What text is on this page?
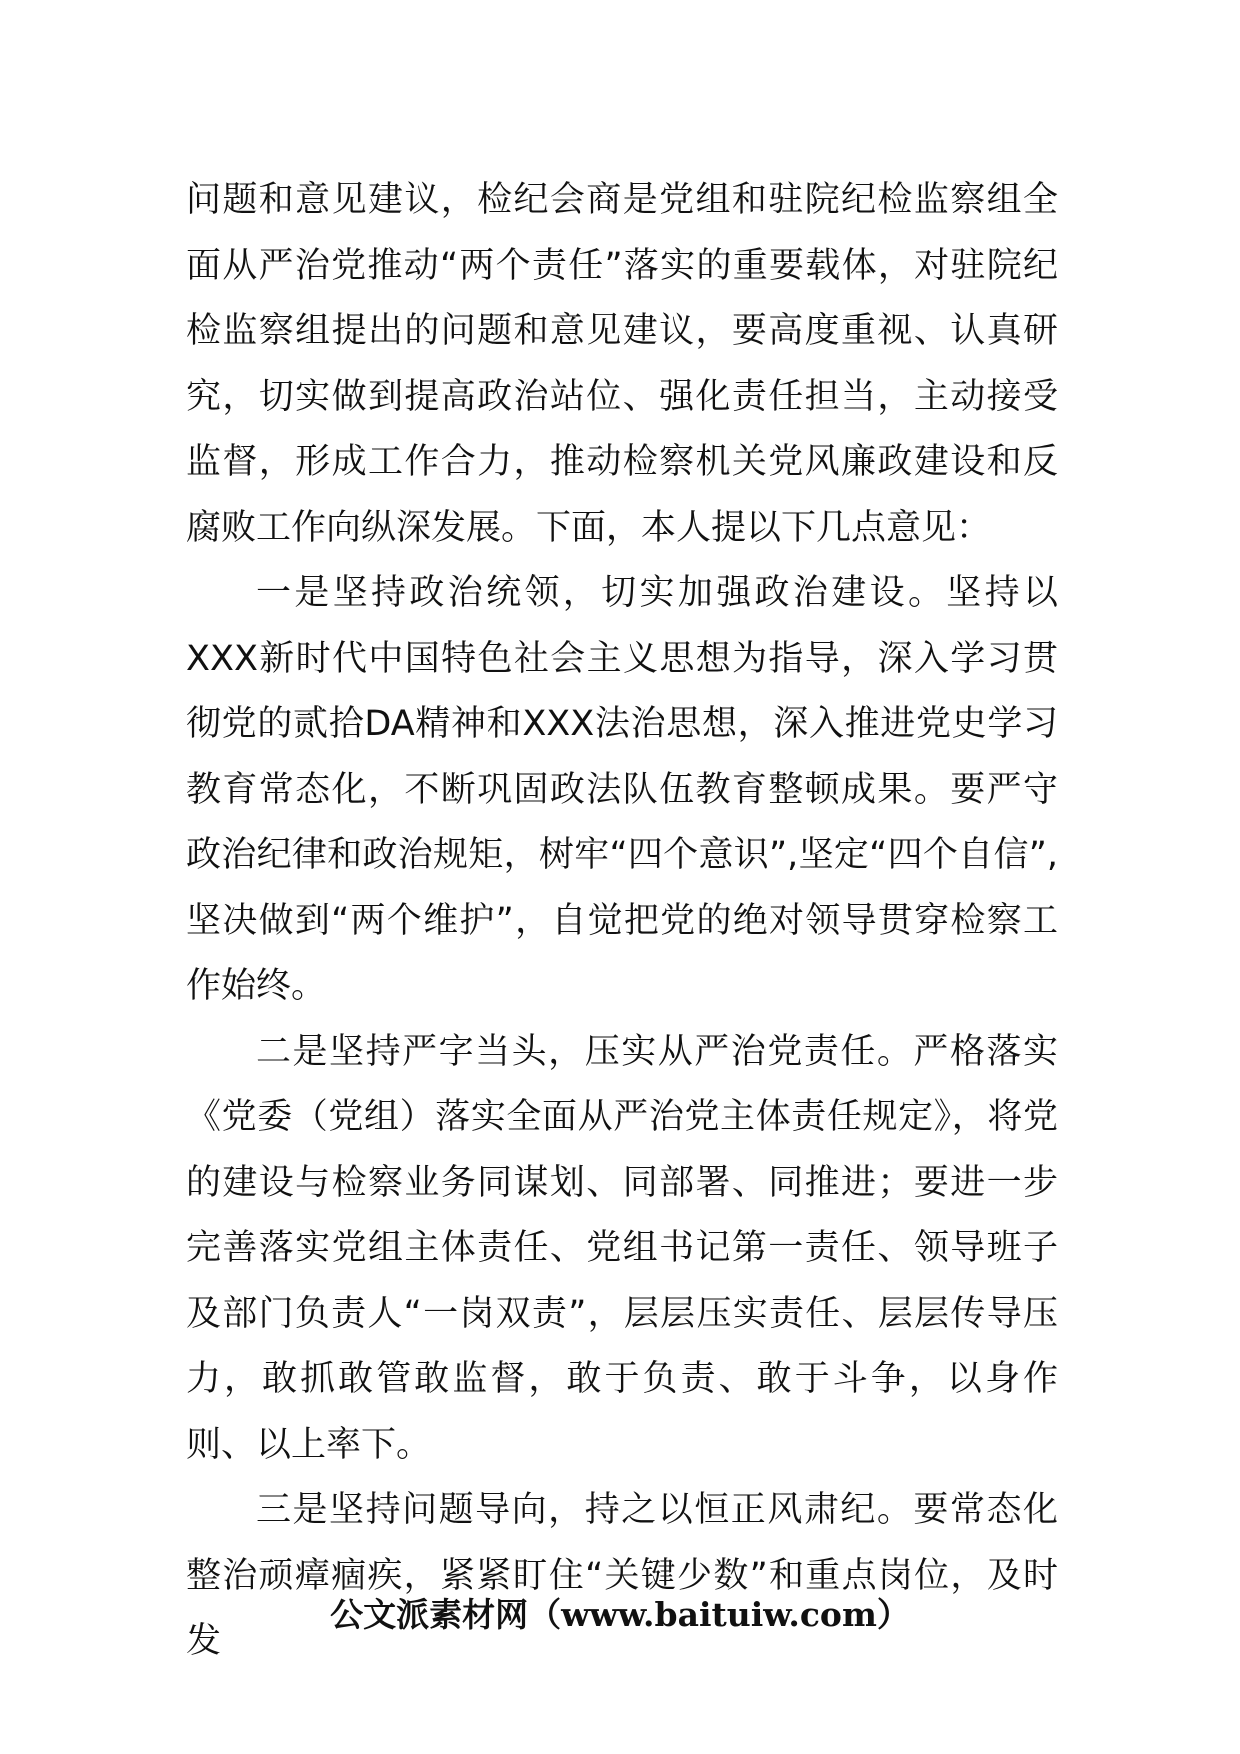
问题和意见建议，检纪会商是党组和驻院纪检监察组全面从严治党推动“两个责任”落实的重要载体，对驻院纪检监察组提出的问题和意见建议，要高度重视、认真研究，切实做到提高政治站位、强化责任担当，主动接受监督，形成工作合力，推动检察机关党风廉政建设和反腐败工作向纵深发展。下面，本人提以下几点意见：

一是坚持政治统领，切实加强政治建设。坚持以XXX新时代中国特色社会主义思想为指导，深入学习贯彻党的贰拾DA精神和XXX法治思想，深入推进党史学习教育常态化，不断巩固政法队伍教育整顿成果。要严守政治纪律和政治规矩，树牢“四个意识”,坚定“四个自信”,坚决做到“两个维护”，自觉把党的绝对领导贯穿检察工作始终。

二是坚持严字当头，压实从严治党责任。严格落实《党委（党组）落实全面从严治党主体责任规定》，将党的建设与检察业务同谋划、同部署、同推进；要进一步完善落实党组主体责任、党组书记第一责任、领导班子及部门负责人“一岗双责”，层层压实责任、层层传导压力，敢抓敢管敢监督，敢于负责、敢于斗争，以身作则、以上率下。

三是坚持问题导向，持之以恒正风肃纪。要常态化整治顽瘴痼疾，紧紧盯住“关键少数”和重点岗位，及时发

公文派素材网（www.baituiw.com）
